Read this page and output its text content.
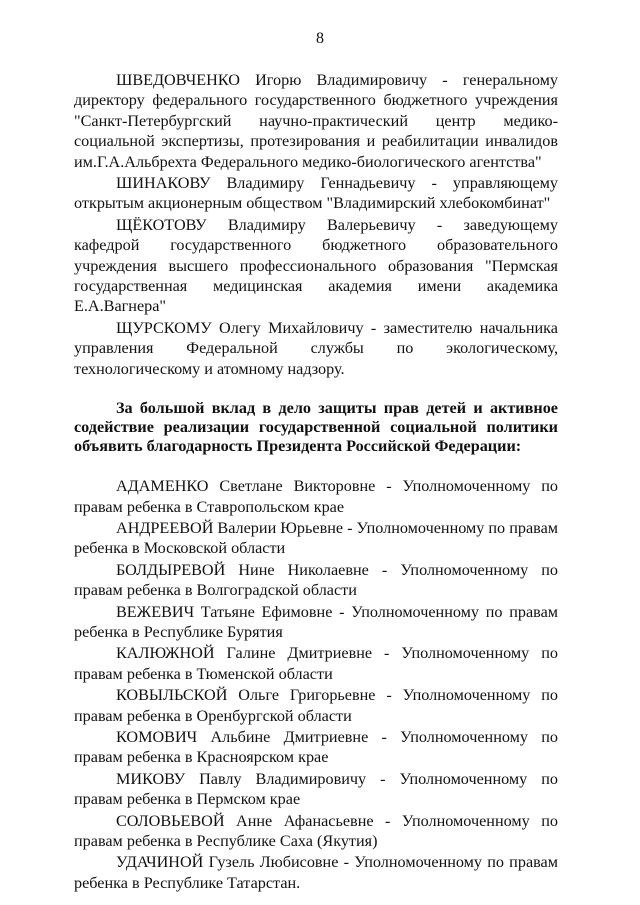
8

ШВЕДОВЧЕНКО Игорю Владимировичу - генеральному директору федерального государственного бюджетного учреждения "Санкт-Петербургский научно-практический центр медико-социальной экспертизы, протезирования и реабилитации инвалидов им.Г.А.Альбрехта Федерального медико-биологического агентства"

ШИНАКОВУ Владимиру Геннадьевичу - управляющему открытым акционерным обществом "Владимирский хлебокомбинат"

ЩЁКОТОВУ Владимиру Валерьевичу - заведующему кафедрой государственного бюджетного образовательного учреждения высшего профессионального образования "Пермская государственная медицинская академия имени академика Е.А.Вагнера"

ЩУРСКОМУ Олегу Михайловичу - заместителю начальника управления Федеральной службы по экологическому, технологическому и атомному надзору.

За большой вклад в дело защиты прав детей и активное содействие реализации государственной социальной политики объявить благодарность Президента Российской Федерации:

АДАМЕНКО Светлане Викторовне - Уполномоченному по правам ребенка в Ставропольском крае

АНДРЕЕВОЙ Валерии Юрьевне - Уполномоченному по правам ребенка в Московской области

БОЛДЫРЕВОЙ Нине Николаевне - Уполномоченному по правам ребенка в Волгоградской области

ВЕЖЕВИЧ Татьяне Ефимовне - Уполномоченному по правам ребенка в Республике Бурятия

КАЛЮЖНОЙ Галине Дмитриевне - Уполномоченному по правам ребенка в Тюменской области

КОВЫЛЬСКОЙ Ольге Григорьевне - Уполномоченному по правам ребенка в Оренбургской области

КОМОВИЧ Альбине Дмитриевне - Уполномоченному по правам ребенка в Красноярском крае

МИКОВУ Павлу Владимировичу - Уполномоченному по правам ребенка в Пермском крае

СОЛОВЬЕВОЙ Анне Афанасьевне - Уполномоченному по правам ребенка в Республике Саха (Якутия)

УДАЧИНОЙ Гузель Любисовне - Уполномоченному по правам ребенка в Республике Татарстан.
